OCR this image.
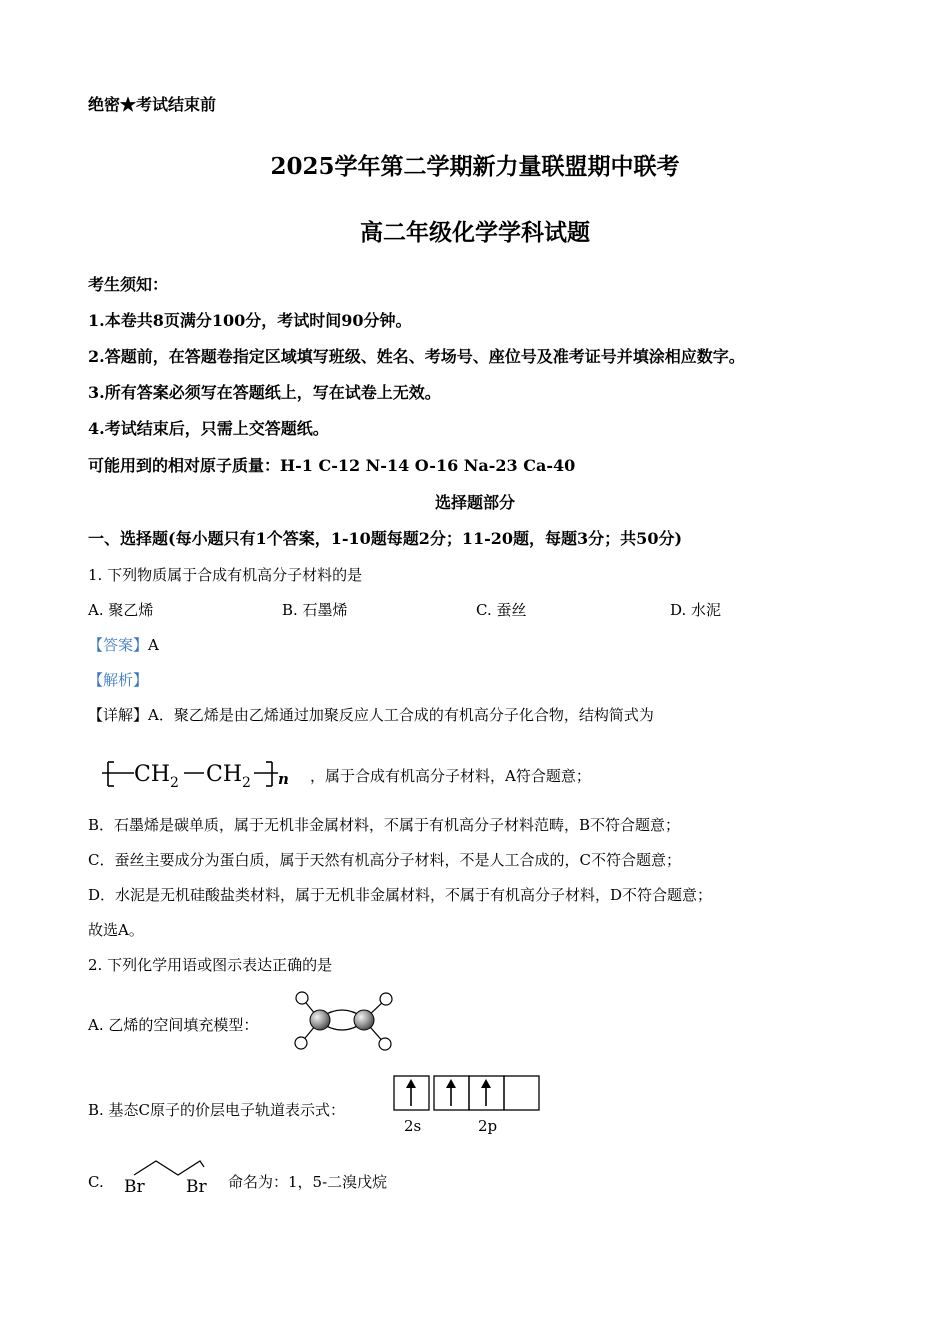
绝密★考试结束前
2025学年第二学期新力量联盟期中联考
高二年级化学学科试题
考生须知：
1.本卷共8页满分100分，考试时间90分钟。
2.答题前，在答题卷指定区域填写班级、姓名、考场号、座位号及准考证号并填涂相应数字。
3.所有答案必须写在答题纸上，写在试卷上无效。
4.考试结束后，只需上交答题纸。
可能用到的相对原子质量：H-1 C-12 N-14 O-16 Na-23 Ca-40
选择题部分
一、选择题(每小题只有1个答案，1-10题每题2分；11-20题，每题3分；共50分)
1. 下列物质属于合成有机高分子材料的是
A. 聚乙烯	B. 石墨烯	C. 蚕丝	D. 水泥
【答案】A
【解析】
【详解】A．聚乙烯是由乙烯通过加聚反应人工合成的有机高分子化合物，结构简式为
CH 2 CH 2 n ，属于合成有机高分子材料，A符合题意；
B．石墨烯是碳单质，属于无机非金属材料，不属于有机高分子材料范畴，B不符合题意；
C．蚕丝主要成分为蛋白质，属于天然有机高分子材料，不是人工合成的，C不符合题意；
D．水泥是无机硅酸盐类材料，属于无机非金属材料，不属于有机高分子材料，D不符合题意；
故选A。
2. 下列化学用语或图示表达正确的是
A. 乙烯的空间填充模型：
B. 基态C原子的价层电子轨道表示式：
2s	2p
C. Br Br 命名为：1，5-二溴戊烷
